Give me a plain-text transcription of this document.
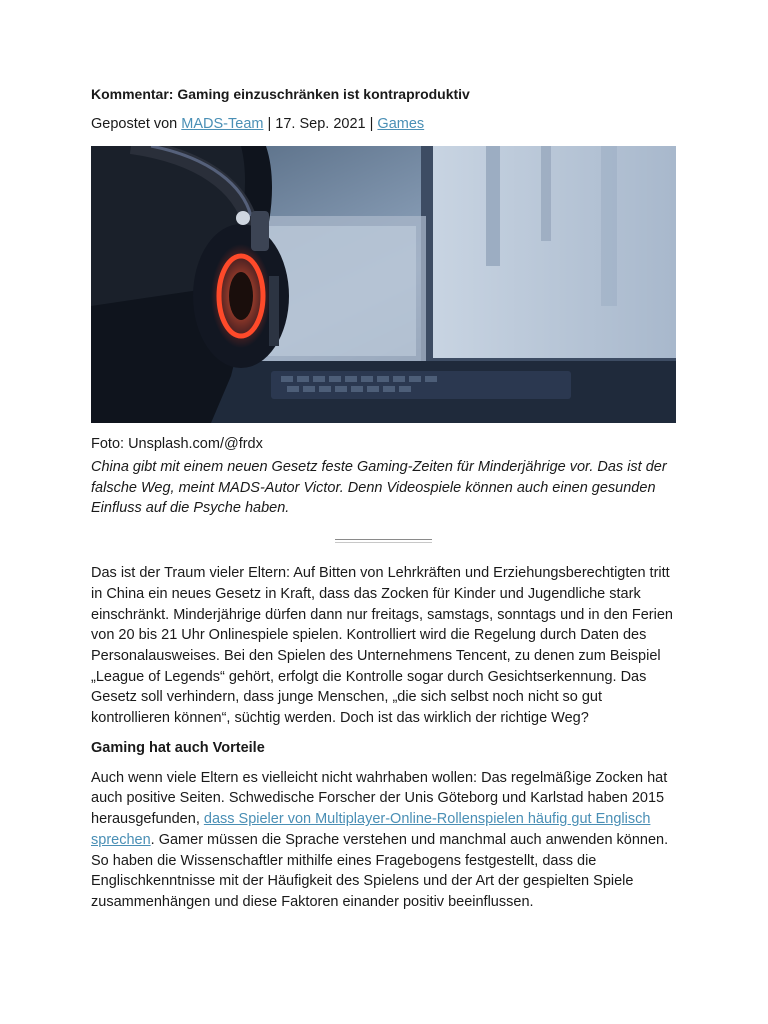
Kommentar: Gaming einzuschränken ist kontraproduktiv
Gepostet von MADS-Team | 17. Sep. 2021 | Games
Foto: Unsplash.com/@frdx
China gibt mit einem neuen Gesetz feste Gaming-Zeiten für Minderjährige vor. Das ist der falsche Weg, meint MADS-Autor Victor. Denn Videospiele können auch einen gesunden Einfluss auf die Psyche haben.
Das ist der Traum vieler Eltern: Auf Bitten von Lehrkräften und Erziehungsberechtigten tritt in China ein neues Gesetz in Kraft, dass das Zocken für Kinder und Jugendliche stark einschränkt. Minderjährige dürfen dann nur freitags, samstags, sonntags und in den Ferien von 20 bis 21 Uhr Onlinespiele spielen. Kontrolliert wird die Regelung durch Daten des Personalausweises. Bei den Spielen des Unternehmens Tencent, zu denen zum Beispiel „League of Legends“ gehört, erfolgt die Kontrolle sogar durch Gesichtserkennung. Das Gesetz soll verhindern, dass junge Menschen, „die sich selbst noch nicht so gut kontrollieren können“, süchtig werden. Doch ist das wirklich der richtige Weg?
Gaming hat auch Vorteile
Auch wenn viele Eltern es vielleicht nicht wahrhaben wollen: Das regelmäßige Zocken hat auch positive Seiten. Schwedische Forscher der Unis Göteborg und Karlstad haben 2015 herausgefunden, dass Spieler von Multiplayer-Online-Rollenspielen häufig gut Englisch sprechen. Gamer müssen die Sprache verstehen und manchmal auch anwenden können. So haben die Wissenschaftler mithilfe eines Fragebogens festgestellt, dass die Englischkenntnisse mit der Häufigkeit des Spielens und der Art der gespielten Spiele zusammenhängen und diese Faktoren einander positiv beeinflussen.
